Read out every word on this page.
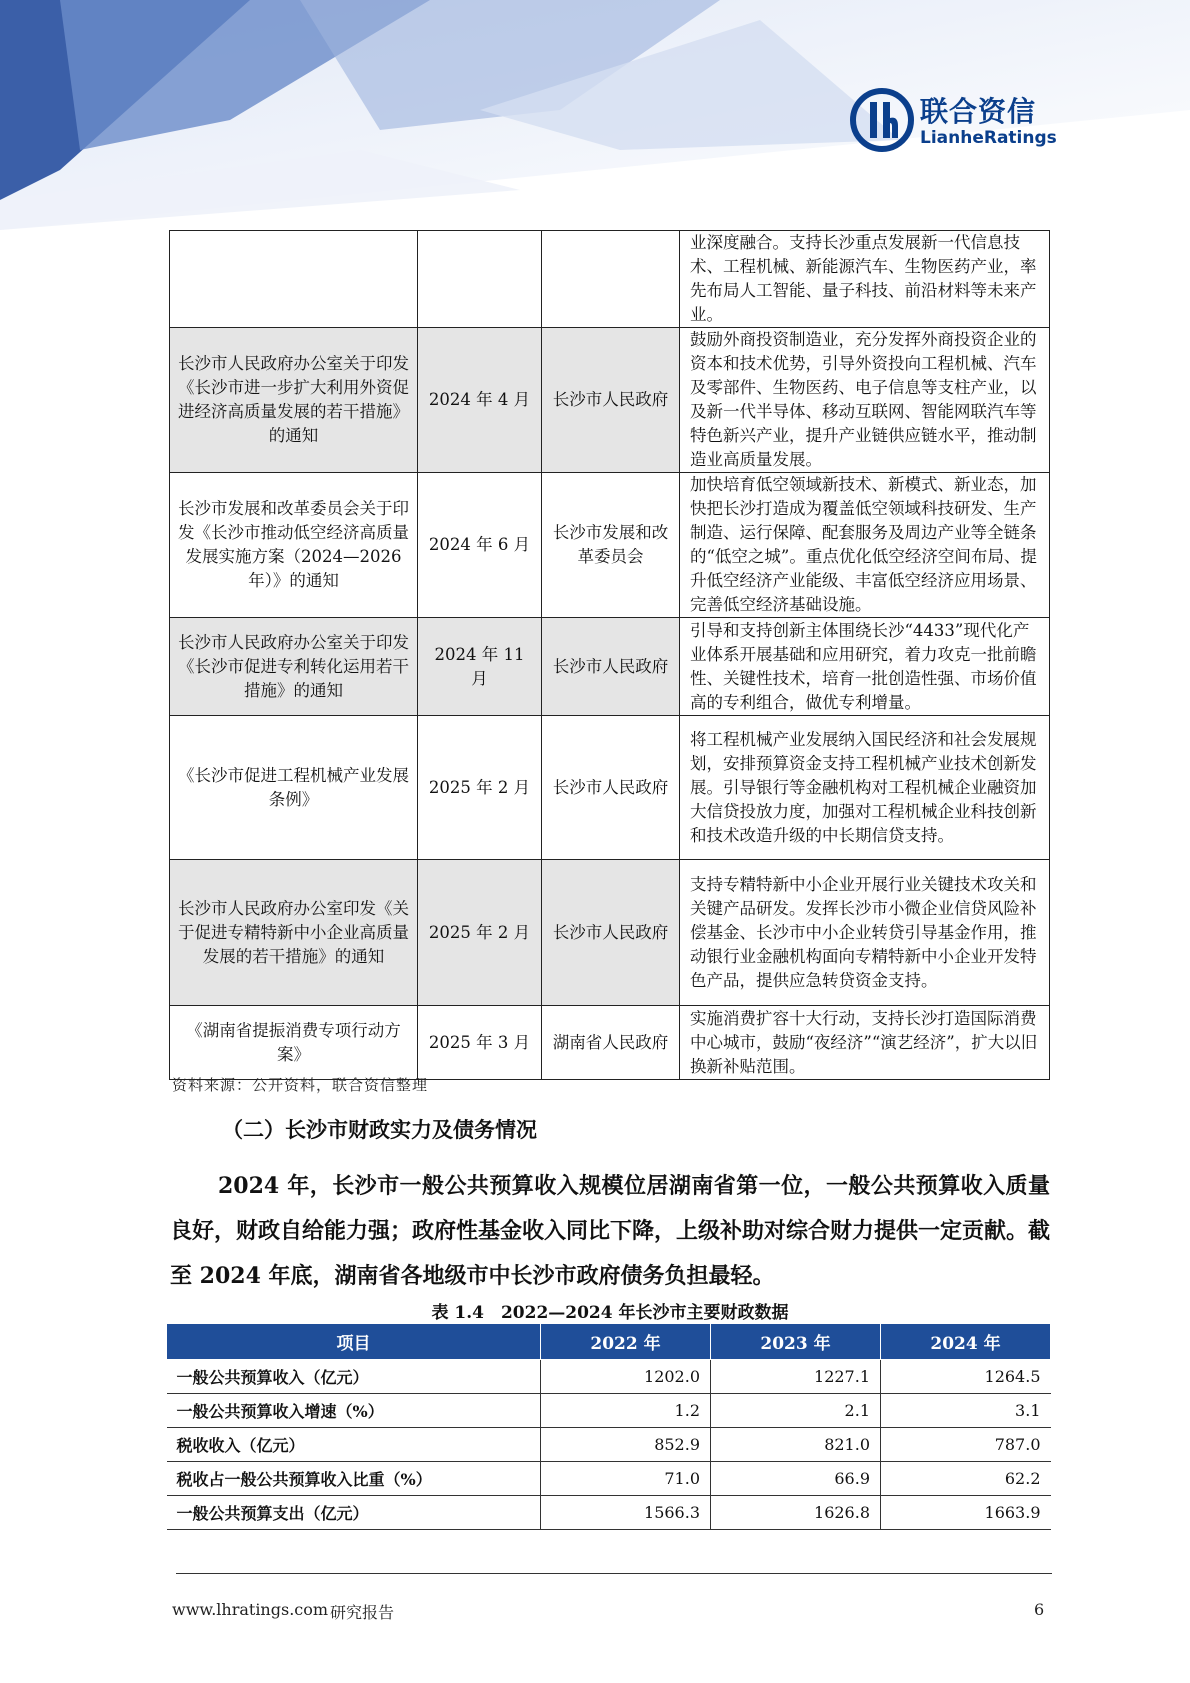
联合资信
LianheRatings
			业深度融合。支持长沙重点发展新一代信息技术、工程机械、新能源汽车、生物医药产业，率先布局人工智能、量子科技、前沿材料等未来产业。
长沙市人民政府办公室关于印发《长沙市进一步扩大利用外资促进经济高质量发展的若干措施》的通知	2024 年 4 月	长沙市人民政府	鼓励外商投资制造业，充分发挥外商投资企业的资本和技术优势，引导外资投向工程机械、汽车及零部件、生物医药、电子信息等支柱产业，以及新一代半导体、移动互联网、智能网联汽车等特色新兴产业，提升产业链供应链水平，推动制造业高质量发展。
长沙市发展和改革委员会关于印发《长沙市推动低空经济高质量发展实施方案（2024—2026 年）》的通知	2024 年 6 月	长沙市发展和改革委员会	加快培育低空领域新技术、新模式、新业态，加快把长沙打造成为覆盖低空领域科技研发、生产制造、运行保障、配套服务及周边产业等全链条的“低空之城”。重点优化低空经济空间布局、提升低空经济产业能级、丰富低空经济应用场景、完善低空经济基础设施。
长沙市人民政府办公室关于印发《长沙市促进专利转化运用若干措施》的通知	2024 年 11 月	长沙市人民政府	引导和支持创新主体围绕长沙“4433”现代化产业体系开展基础和应用研究，着力攻克一批前瞻性、关键性技术，培育一批创造性强、市场价值高的专利组合，做优专利增量。
《长沙市促进工程机械产业发展条例》	2025 年 2 月	长沙市人民政府	将工程机械产业发展纳入国民经济和社会发展规划，安排预算资金支持工程机械产业技术创新发展。引导银行等金融机构对工程机械企业融资加大信贷投放力度，加强对工程机械企业科技创新和技术改造升级的中长期信贷支持。
长沙市人民政府办公室印发《关于促进专精特新中小企业高质量发展的若干措施》的通知	2025 年 2 月	长沙市人民政府	支持专精特新中小企业开展行业关键技术攻关和关键产品研发。发挥长沙市小微企业信贷风险补偿基金、长沙市中小企业转贷引导基金作用，推动银行业金融机构面向专精特新中小企业开发特色产品，提供应急转贷资金支持。
《湖南省提振消费专项行动方案》	2025 年 3 月	湖南省人民政府	实施消费扩容十大行动，支持长沙打造国际消费中心城市，鼓励“夜经济”“演艺经济”，扩大以旧换新补贴范围。
资料来源：公开资料，联合资信整理
（二）长沙市财政实力及债务情况
2024 年，长沙市一般公共预算收入规模位居湖南省第一位，一般公共预算收入质量良好，财政自给能力强；政府性基金收入同比下降，上级补助对综合财力提供一定贡献。截至 2024 年底，湖南省各地级市中长沙市政府债务负担最轻。
表 1.4　2022—2024 年长沙市主要财政数据
项目	2022 年	2023 年	2024 年
一般公共预算收入（亿元）	1202.0	1227.1	1264.5
一般公共预算收入增速（%）	1.2	2.1	3.1
税收收入（亿元）	852.9	821.0	787.0
税收占一般公共预算收入比重（%）	71.0	66.9	62.2
一般公共预算支出（亿元）	1566.3	1626.8	1663.9
www.lhratings.com 研究报告	6
